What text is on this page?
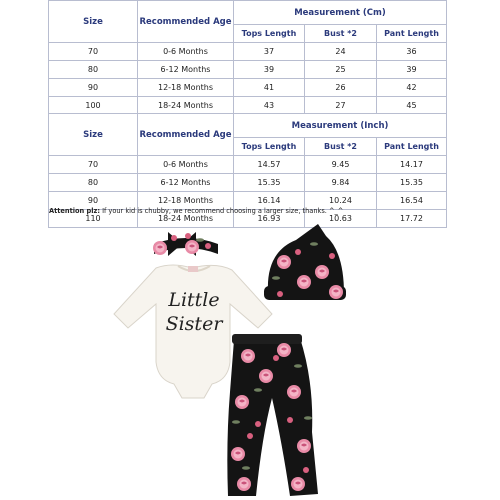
Size	Recommended Age	Measurement (Cm)		
		Tops Length	Bust *2	Pant Length
70	0-6 Months	37	24	36
80	6-12 Months	39	25	39
90	12-18 Months	41	26	42
100	18-24 Months	43	27	45
Size	Recommended Age	Measurement (Inch)		
		Tops Length	Bust *2	Pant Length
70	0-6 Months	14.57	9.45	14.17
80	6-12 Months	15.35	9.84	15.35
90	12-18 Months	16.14	10.24	16.54
110	18-24 Months	16.93	10.63	17.72
Attention plz: If your kid is chubby, we recommend choosing a larger size, thanks. ^_^
Little
Sister
